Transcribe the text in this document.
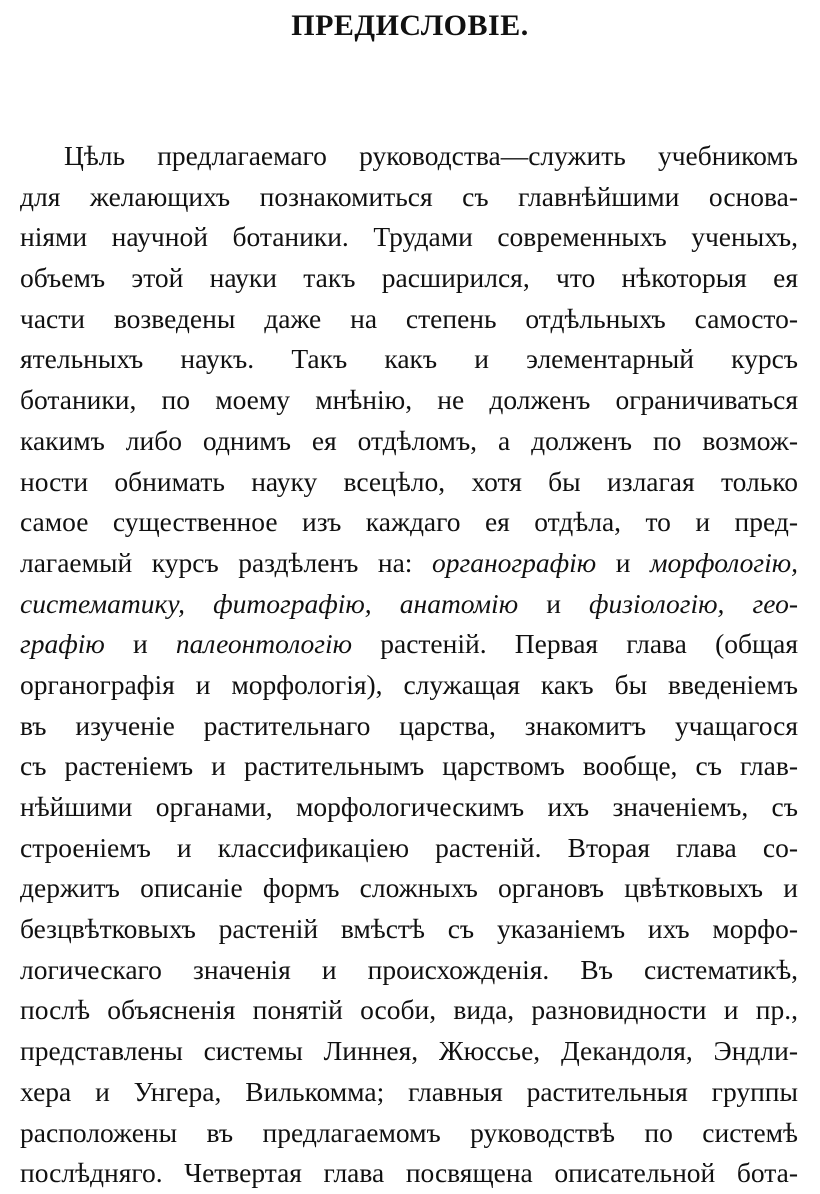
ПРЕДИСЛОВІЕ.
Цѣль предлагаемаго руководства—служить учебникомъ
для желающихъ познакомиться съ главнѣйшими основа-
ніями научной ботаники. Трудами современныхъ ученыхъ,
объемъ этой науки такъ расширился, что нѣкоторыя ея
части возведены даже на степень отдѣльныхъ самосто-
ятельныхъ наукъ. Такъ какъ и элементарный курсъ
ботаники, по моему мнѣнію, не долженъ ограничиваться
какимъ либо однимъ ея отдѣломъ, а долженъ по возмож-
ности обнимать науку всецѣло, хотя бы излагая только
самое существенное изъ каждаго ея отдѣла, то и пред-
лагаемый курсъ раздѣленъ на: органографію и морфологію,
систематику, фитографію, анатомію и физіологію, гео-
графію и палеонтологію растеній. Первая глава (общая
органографія и морфологія), служащая какъ бы введеніемъ
въ изученіе растительнаго царства, знакомитъ учащагося
съ растеніемъ и растительнымъ царствомъ вообще, съ глав-
нѣйшими органами, морфологическимъ ихъ значеніемъ, съ
строеніемъ и классификаціею растеній. Вторая глава со-
держитъ описаніе формъ сложныхъ органовъ цвѣтковыхъ и
безцвѣтковыхъ растеній вмѣстѣ съ указаніемъ ихъ морфо-
логическаго значенія и происхожденія. Въ систематикѣ,
послѣ объясненія понятій особи, вида, разновидности и пр.,
представлены системы Линнея, Жюссье, Декандоля, Эндли-
хера и Унгера, Вилькомма; главныя растительныя группы
расположены въ предлагаемомъ руководствѣ по системѣ
послѣдняго. Четвертая глава посвящена описательной бота-
